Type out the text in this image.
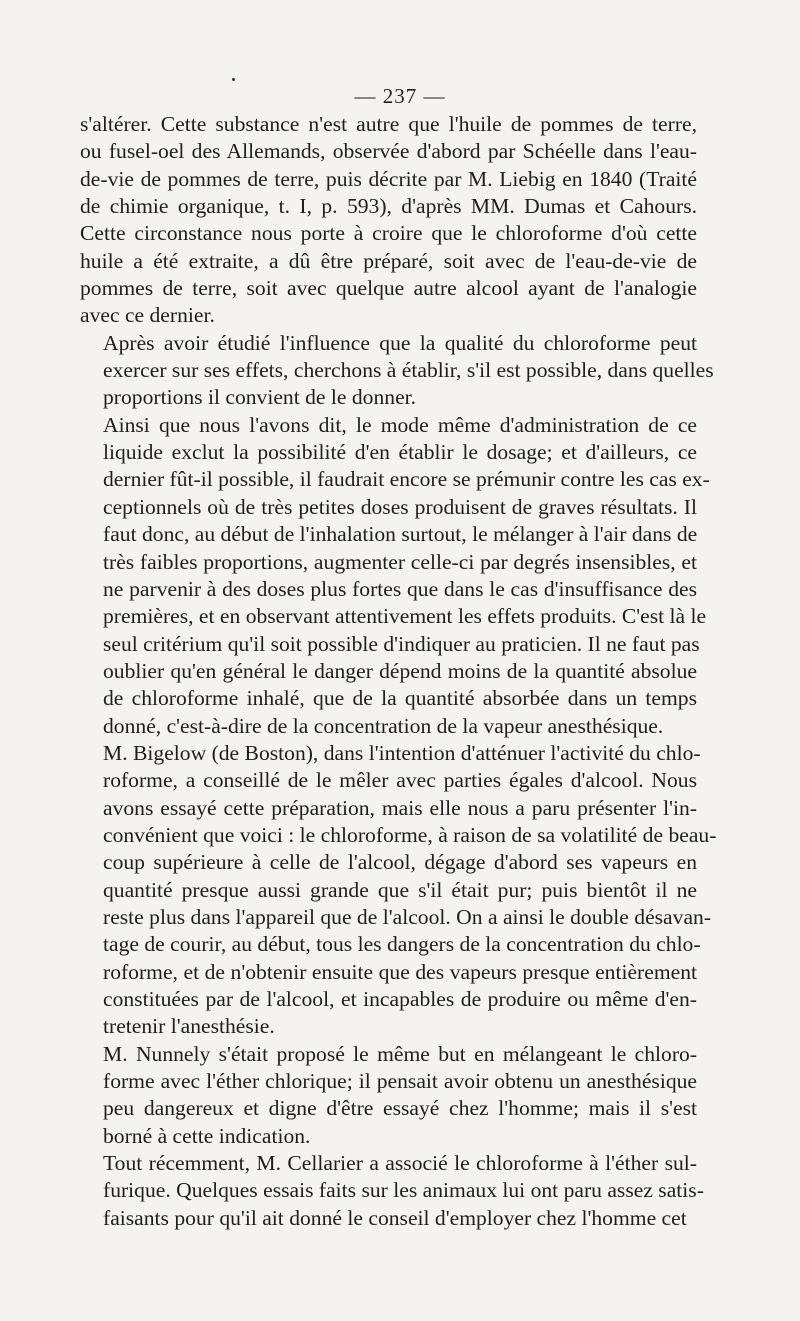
— 237 —

s'altérer. Cette substance n'est autre que l'huile de pommes de terre,
ou fusel-oel des Allemands, observée d'abord par Schéelle dans l'eau-
de-vie de pommes de terre, puis décrite par M. Liebig en 1840 (Traité
de chimie organique, t. I, p. 593), d'après MM. Dumas et Cahours.
Cette circonstance nous porte à croire que le chloroforme d'où cette
huile a été extraite, a dû être préparé, soit avec de l'eau-de-vie de
pommes de terre, soit avec quelque autre alcool ayant de l'analogie
avec ce dernier.

Après avoir étudié l'influence que la qualité du chloroforme peut
exercer sur ses effets, cherchons à établir, s'il est possible, dans quelles
proportions il convient de le donner.

Ainsi que nous l'avons dit, le mode même d'administration de ce
liquide exclut la possibilité d'en établir le dosage; et d'ailleurs, ce
dernier fût-il possible, il faudrait encore se prémunir contre les cas ex-
ceptionnels où de très petites doses produisent de graves résultats. Il
faut donc, au début de l'inhalation surtout, le mélanger à l'air dans de
très faibles proportions, augmenter celle-ci par degrés insensibles, et
ne parvenir à des doses plus fortes que dans le cas d'insuffisance des
premières, et en observant attentivement les effets produits. C'est là le
seul critérium qu'il soit possible d'indiquer au praticien. Il ne faut pas
oublier qu'en général le danger dépend moins de la quantité absolue
de chloroforme inhalé, que de la quantité absorbée dans un temps
donné, c'est-à-dire de la concentration de la vapeur anesthésique.

M. Bigelow (de Boston), dans l'intention d'atténuer l'activité du chlo-
roforme, a conseillé de le mêler avec parties égales d'alcool. Nous
avons essayé cette préparation, mais elle nous a paru présenter l'in-
convénient que voici : le chloroforme, à raison de sa volatilité de beau-
coup supérieure à celle de l'alcool, dégage d'abord ses vapeurs en
quantité presque aussi grande que s'il était pur; puis bientôt il ne
reste plus dans l'appareil que de l'alcool. On a ainsi le double désavan-
tage de courir, au début, tous les dangers de la concentration du chlo-
roforme, et de n'obtenir ensuite que des vapeurs presque entièrement
constituées par de l'alcool, et incapables de produire ou même d'en-
tretenir l'anesthésie.

M. Nunnely s'était proposé le même but en mélangeant le chloro-
forme avec l'éther chlorique; il pensait avoir obtenu un anesthésique
peu dangereux et digne d'être essayé chez l'homme; mais il s'est
borné à cette indication.

Tout récemment, M. Cellarier a associé le chloroforme à l'éther sul-
furique. Quelques essais faits sur les animaux lui ont paru assez satis-
faisants pour qu'il ait donné le conseil d'employer chez l'homme cet
